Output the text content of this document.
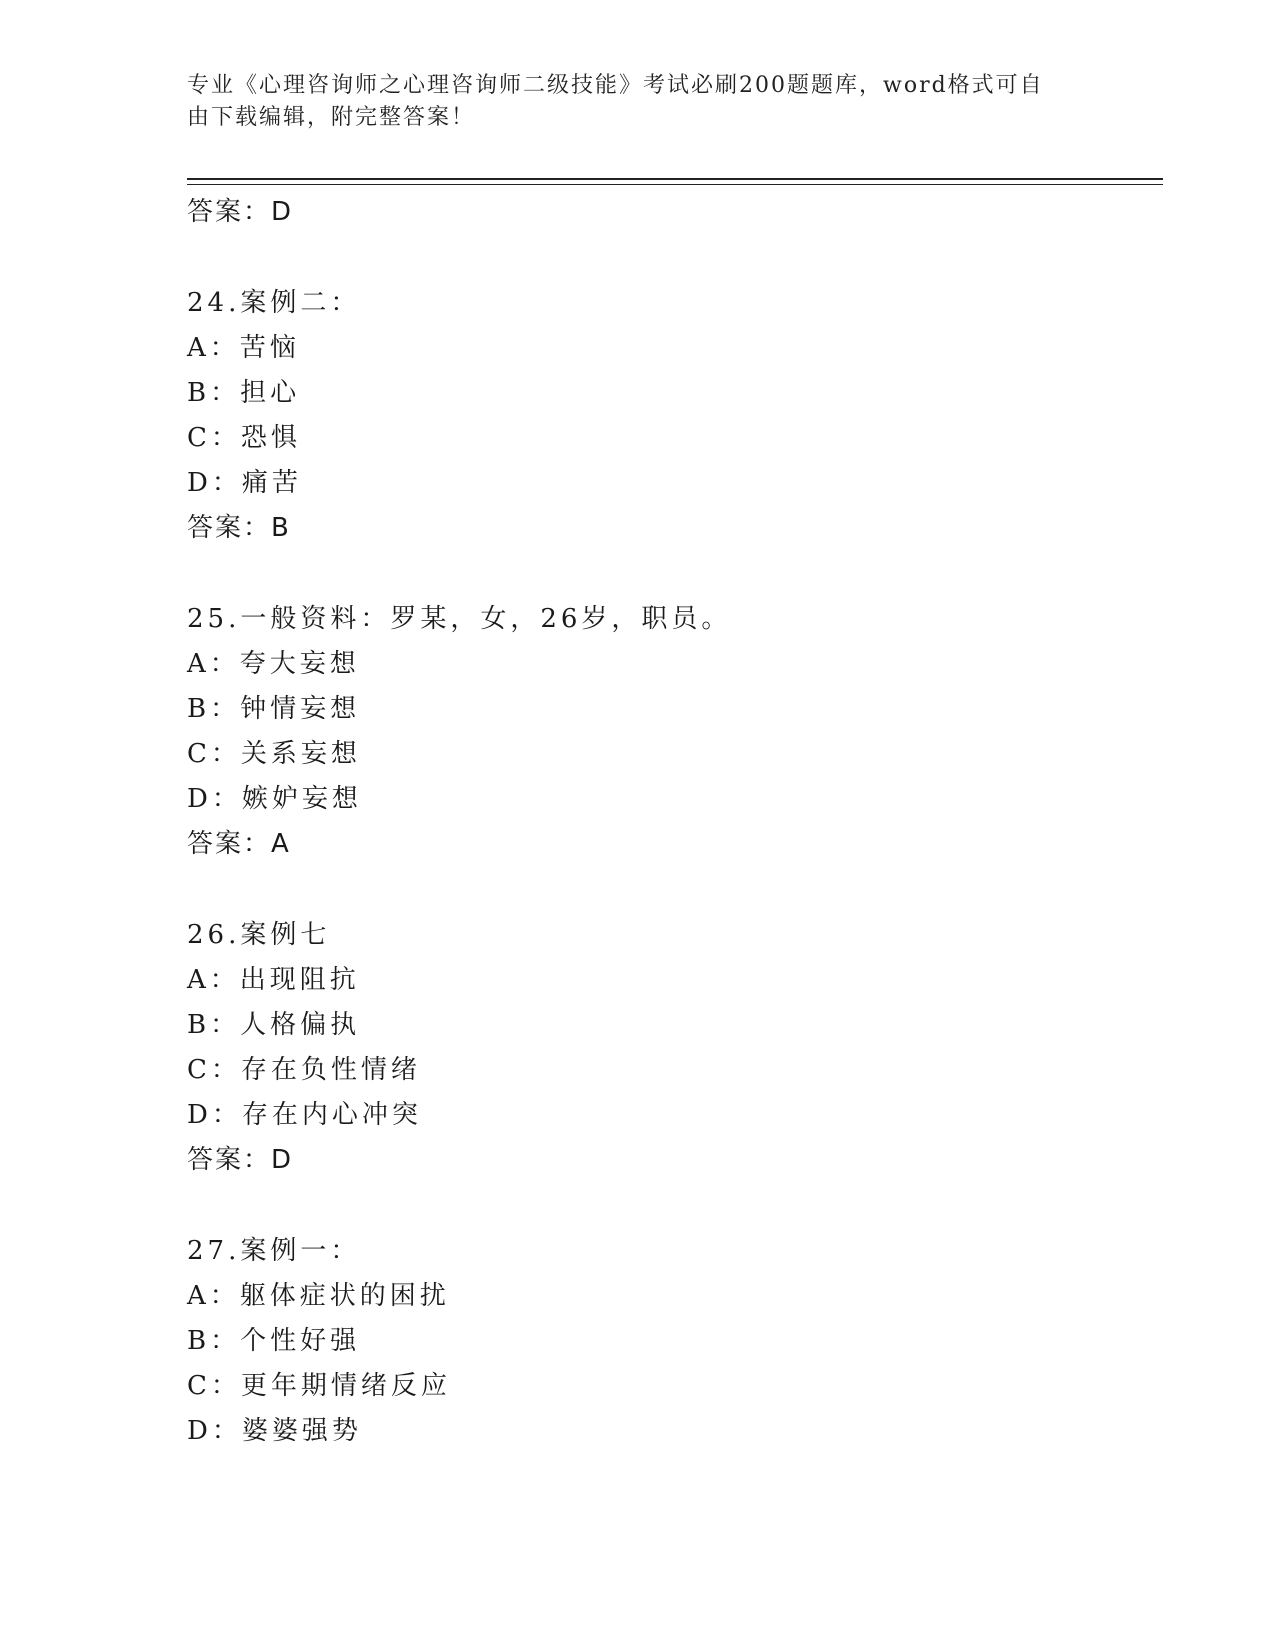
专业《心理咨询师之心理咨询师二级技能》考试必刷200题题库，word格式可自由下载编辑，附完整答案！
答案：D
24.案例二：
A：苦恼
B：担心
C：恐惧
D：痛苦
答案：B
25.一般资料：罗某，女，26岁，职员。
A：夸大妄想
B：钟情妄想
C：关系妄想
D：嫉妒妄想
答案：A
26.案例七
A：出现阻抗
B：人格偏执
C：存在负性情绪
D：存在内心冲突
答案：D
27.案例一：
A：躯体症状的困扰
B：个性好强
C：更年期情绪反应
D：婆婆强势
